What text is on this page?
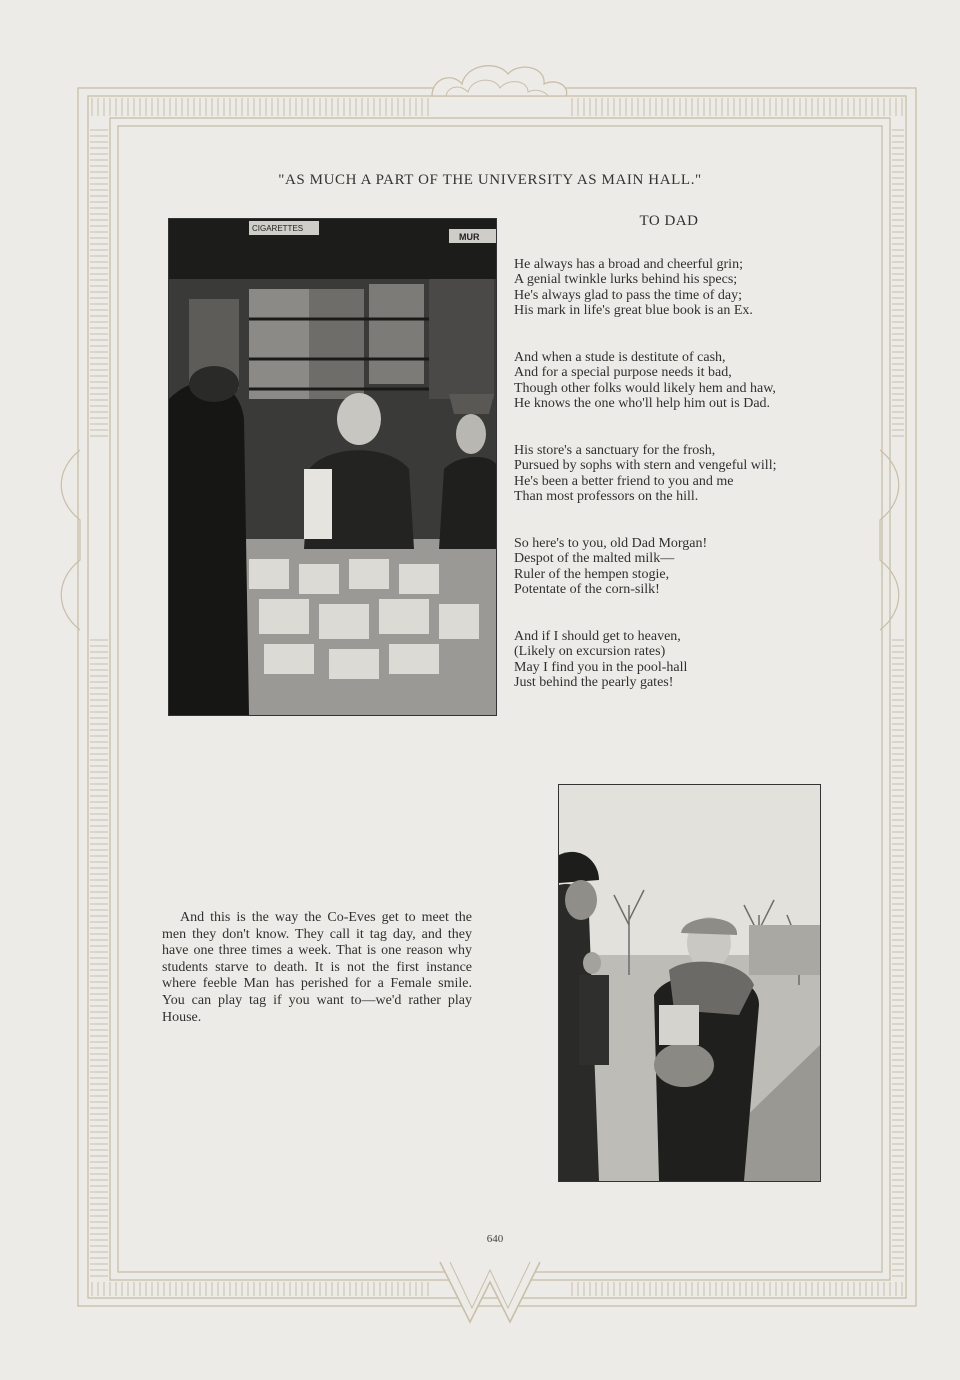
"AS MUCH A PART OF THE UNIVERSITY AS MAIN HALL."
CIGARETTES
MUR
TO DAD
He always has a broad and cheerful grin;
A genial twinkle lurks behind his specs;
He's always glad to pass the time of day;
His mark in life's great blue book is an Ex.
And when a stude is destitute of cash,
And for a special purpose needs it bad,
Though other folks would likely hem and haw,
He knows the one who'll help him out is Dad.
His store's a sanctuary for the frosh,
Pursued by sophs with stern and vengeful will;
He's been a better friend to you and me
Than most professors on the hill.
So here's to you, old Dad Morgan!
Despot of the malted milk—
Ruler of the hempen stogie,
Potentate of the corn-silk!
And if I should get to heaven,
(Likely on excursion rates)
May I find you in the pool-hall
Just behind the pearly gates!
And this is the way the Co-Eves get to meet the men they don't know. They call it tag day, and they have one three times a week. That is one reason why students starve to death. It is not the first instance where feeble Man has perished for a Female smile. You can play tag if you want to—we'd rather play House.
640
